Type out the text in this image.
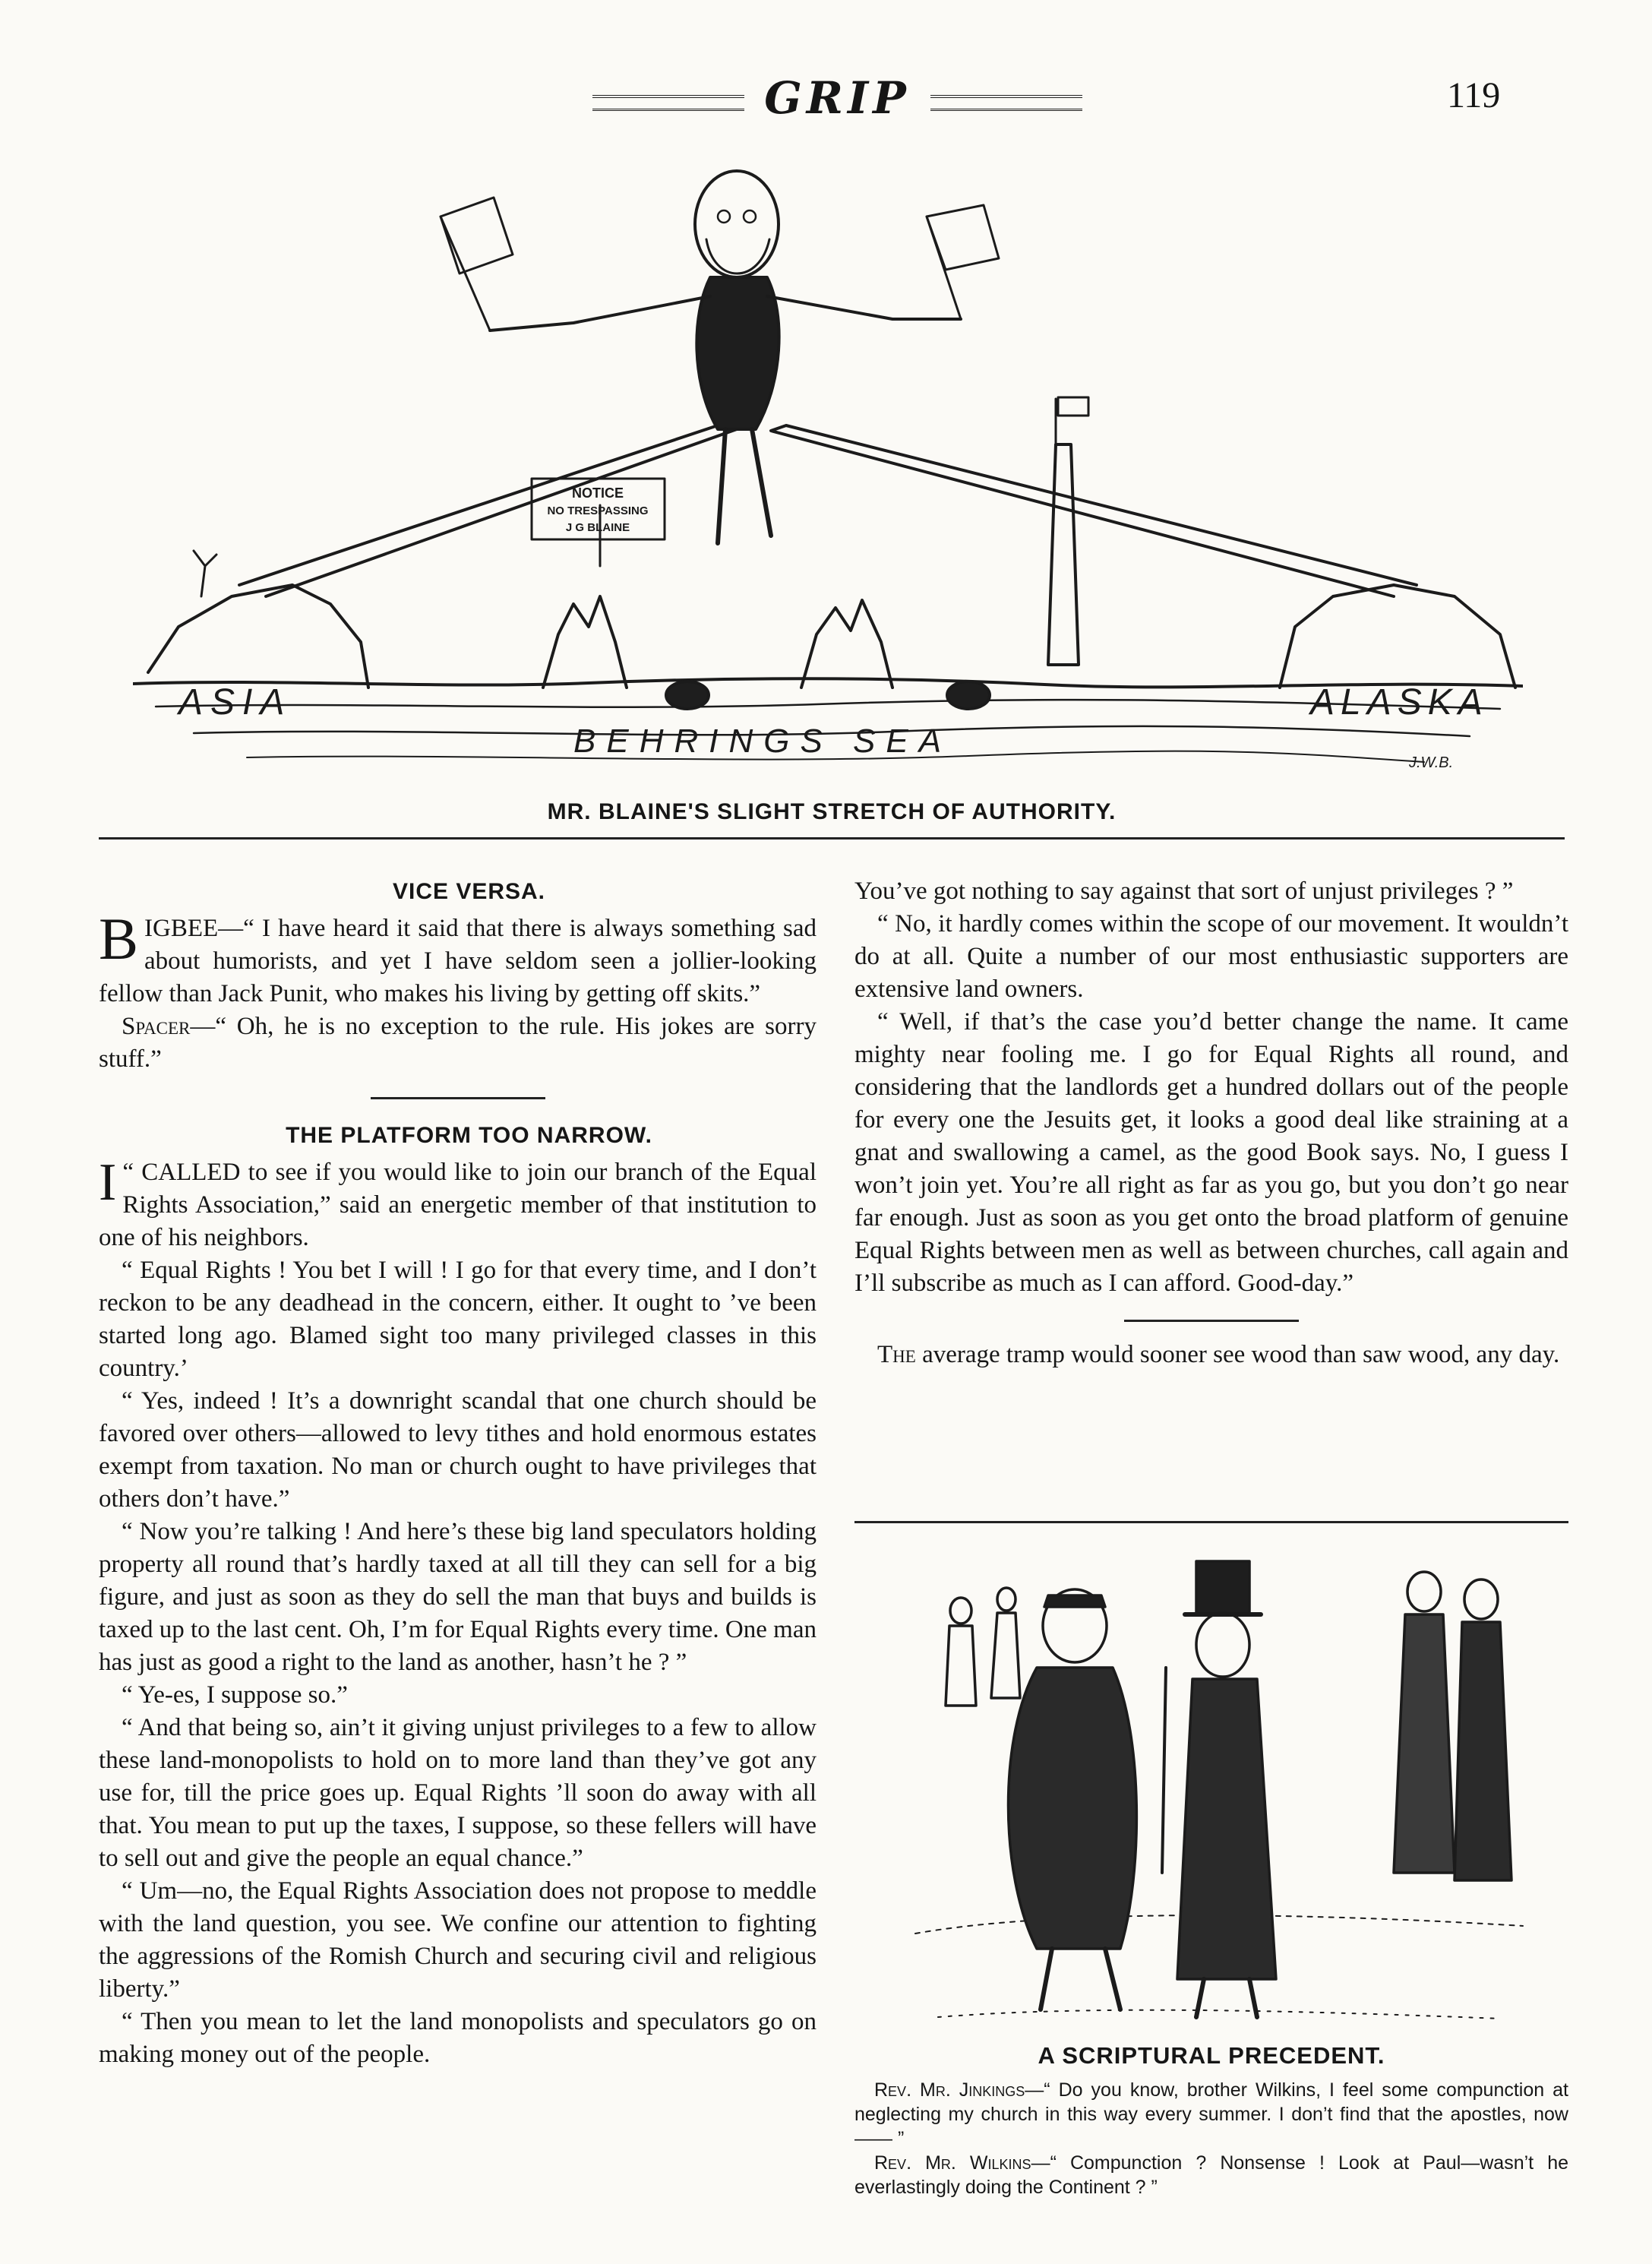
GRIP	119
NOTICE
NO TRESPASSING
J G BLAINE
ASIA	ALASKA
BEHRINGS SEA
J.W.B.
MR. BLAINE'S SLIGHT STRETCH OF AUTHORITY.

VICE VERSA.

BIGBEE—“ I have heard it said that there is always something sad about humorists, and yet I have seldom seen a jollier-looking fellow than Jack Punit, who makes his living by getting off skits.”

Spacer—“ Oh, he is no exception to the rule. His jokes are sorry stuff.”

THE PLATFORM TOO NARROW.

“
I CALLED to see if you would like to join our branch of the Equal Rights Association,” said an energetic member of that institution to one of his neighbors.

“ Equal Rights ! You bet I will ! I go for that every time, and I don’t reckon to be any deadhead in the concern, either. It ought to ’ve been started long ago. Blamed sight too many privileged classes in this country.’

“ Yes, indeed ! It’s a downright scandal that one church should be favored over others—allowed to levy tithes and hold enormous estates exempt from taxation. No man or church ought to have privileges that others don’t have.”

“ Now you’re talking ! And here’s these big land speculators holding property all round that’s hardly taxed at all till they can sell for a big figure, and just as soon as they do sell the man that buys and builds is taxed up to the last cent. Oh, I’m for Equal Rights every time. One man has just as good a right to the land as another, hasn’t he ? ”

“ Ye-es, I suppose so.”

“ And that being so, ain’t it giving unjust privileges to a few to allow these land-monopolists to hold on to more land than they’ve got any use for, till the price goes up. Equal Rights ’ll soon do away with all that. You mean to put up the taxes, I suppose, so these fellers will have to sell out and give the people an equal chance.”

“ Um—no, the Equal Rights Association does not propose to meddle with the land question, you see. We confine our attention to fighting the aggressions of the Romish Church and securing civil and religious liberty.”

“ Then you mean to let the land monopolists and speculators go on making money out of the people.

You’ve got nothing to say against that sort of unjust privileges ? ”

“ No, it hardly comes within the scope of our movement. It wouldn’t do at all. Quite a number of our most enthusiastic supporters are extensive land owners.

“ Well, if that’s the case you’d better change the name. It came mighty near fooling me. I go for Equal Rights all round, and considering that the landlords get a hundred dollars out of the people for every one the Jesuits get, it looks a good deal like straining at a gnat and swallowing a camel, as the good Book says. No, I guess I won’t join yet. You’re all right as far as you go, but you don’t go near far enough. Just as soon as you get onto the broad platform of genuine Equal Rights between men as well as between churches, call again and I’ll subscribe as much as I can afford. Good-day.”

The average tramp would sooner see wood than saw wood, any day.

A SCRIPTURAL PRECEDENT.

Rev. Mr. Jinkings—“ Do you know, brother Wilkins, I feel some compunction at neglecting my church in this way every summer. I don’t find that the apostles, now —— ”

Rev. Mr. Wilkins—“ Compunction ? Nonsense ! Look at Paul—wasn’t he everlastingly doing the Continent ? ”
